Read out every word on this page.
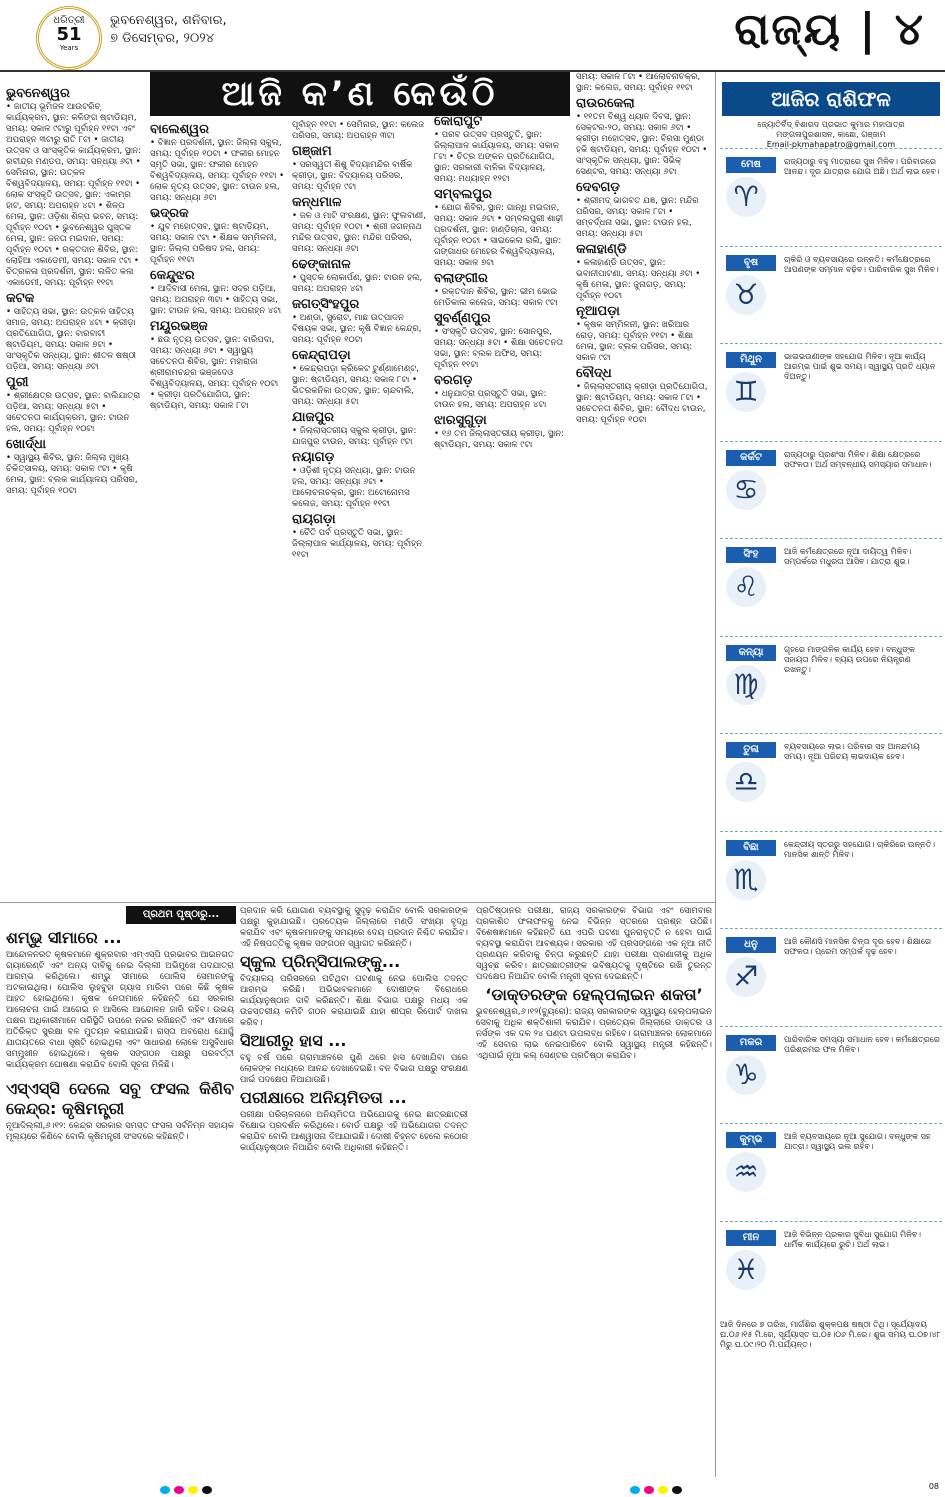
ଧରିତ୍ରୀ
51
Years
ଭୁବନେଶ୍ୱର, ଶନିବାର,
୭ ଡିସେମ୍ବର, ୨୦୨୪	ରାଜ୍ୟ | ୪
ଆଜି କ’ଣ କେଉଁଠି
ଭୁବନେଶ୍ୱର
• ଜାତୀୟ ଭୂମିଜଳ ଆଉଟରିଚ୍ କାର୍ଯ୍ୟକ୍ରମ, ସ୍ଥାନ: କଳିଙ୍ଗ ଷ୍ଟାଡିୟମ, ସମୟ: ସକାଳ ୯ଟାରୁ ପୂର୍ବାହ୍ନ ୧୧ଟା ଏବଂ ଅପରାହ୍ନ ୩ଟାରୁ ରାତି ୮ଟା • ଜାତୀୟ ଉତ୍ସବ ଓ ସାଂସ୍କୃତିକ କାର୍ଯ୍ୟକ୍ରମ, ସ୍ଥାନ: ରବୀନ୍ଦ୍ର ମଣ୍ଡପ, ସମୟ: ସନ୍ଧ୍ୟା ୬ଟା • ସେମିନାର, ସ୍ଥାନ: ଉତ୍କଳ ବିଶ୍ୱବିଦ୍ୟାଳୟ, ସମୟ: ପୂର୍ବାହ୍ନ ୧୧ଟା • ଲୋକ ସଂସ୍କୃତି ଉତ୍ସବ, ସ୍ଥାନ: ଏକାମ୍ର ହାଟ, ସମୟ: ଅପରାହ୍ନ ୪ଟା • ଶିଳ୍ପ ମେଳା, ସ୍ଥାନ: ଓଡ଼ିଶା ଶିଳ୍ପ ଭବନ, ସମୟ: ପୂର୍ବାହ୍ନ ୧୦ଟା • ଭୁବନେଶ୍ୱର ପୁସ୍ତକ ମେଳା, ସ୍ଥାନ: ଜନତା ମଇଦାନ, ସମୟ: ପୂର୍ବାହ୍ନ ୧୦ଟା • ରକ୍ତଦାନ ଶିବିର, ସ୍ଥାନ: ଲୋହିଆ ଏକାଡେମୀ, ସମୟ: ସକାଳ ୯ଟା • ଚିତ୍ରକଳା ପ୍ରଦର୍ଶନୀ, ସ୍ଥାନ: ଲଳିତ କଳା ଏକାଡେମୀ, ସମୟ: ପୂର୍ବାହ୍ନ ୧୧ଟା
କଟକ
• ସାହିତ୍ୟ ସଭା, ସ୍ଥାନ: ଉତ୍କଳ ସାହିତ୍ୟ ସମାଜ, ସମୟ: ଅପରାହ୍ନ ୪ଟା • କ୍ରୀଡ଼ା ପ୍ରତିଯୋଗିତା, ସ୍ଥାନ: ବାରବାଟୀ ଷ୍ଟାଡିୟମ, ସମୟ: ସକାଳ ୭ଟା • ସାଂସ୍କୃତିକ ସନ୍ଧ୍ୟା, ସ୍ଥାନ: ଶୀତଳ ଷଷ୍ଠୀ ପଡ଼ିଆ, ସମୟ: ସନ୍ଧ୍ୟା ୬ଟା
ପୁରୀ
• ଶ୍ରୀକ୍ଷେତ୍ର ଉତ୍ସବ, ସ୍ଥାନ: ବାଲିଯାତ୍ରା ପଡ଼ିଆ, ସମୟ: ସନ୍ଧ୍ୟା ୫ଟା • ସଚେତନତା କାର୍ଯ୍ୟକ୍ରମ, ସ୍ଥାନ: ଟାଉନ ହଲ, ସମୟ: ପୂର୍ବାହ୍ନ ୧୦ଟା
ଖୋର୍ଦ୍ଧା
• ସ୍ୱାସ୍ଥ୍ୟ ଶିବିର, ସ୍ଥାନ: ଜିଲ୍ଲା ମୁଖ୍ୟ ଚିକିତ୍ସାଳୟ, ସମୟ: ସକାଳ ୯ଟା • କୃଷି ମେଳା, ସ୍ଥାନ: ବ୍ଲକ କାର୍ଯ୍ୟାଳୟ ପରିସର, ସମୟ: ପୂର୍ବାହ୍ନ ୧୦ଟା
ବାଲେଶ୍ୱର
• ବିଜ୍ଞାନ ପ୍ରଦର୍ଶନୀ, ସ୍ଥାନ: ଜିଲ୍ଲା ସ୍କୁଲ, ସମୟ: ପୂର୍ବାହ୍ନ ୧୦ଟା • ଫକୀର ମୋହନ ସ୍ମୃତି ସଭା, ସ୍ଥାନ: ଫକୀର ମୋହନ ବିଶ୍ୱବିଦ୍ୟାଳୟ, ସମୟ: ପୂର୍ବାହ୍ନ ୧୧ଟା • ଲୋକ ନୃତ୍ୟ ଉତ୍ସବ, ସ୍ଥାନ: ଟାଉନ ହଲ, ସମୟ: ସନ୍ଧ୍ୟା ୬ଟା
ଭଦ୍ରକ
• ଯୁବ ମହୋତ୍ସବ, ସ୍ଥାନ: ଷ୍ଟାଡିୟମ, ସମୟ: ସକାଳ ୯ଟା • ଶିକ୍ଷକ ସମ୍ମିଳନୀ, ସ୍ଥାନ: ଜିଲ୍ଲା ପରିଷଦ ହଲ, ସମୟ: ପୂର୍ବାହ୍ନ ୧୧ଟା
କେନ୍ଦୁଝର
• ଆଦିବାସୀ ମେଳା, ସ୍ଥାନ: ସଦର ପଡ଼ିଆ, ସମୟ: ଅପରାହ୍ନ ୩ଟା • ସାହିତ୍ୟ ସଭା, ସ୍ଥାନ: ଟାଉନ ହଲ, ସମୟ: ଅପରାହ୍ନ ୪ଟା
ମୟୂରଭଞ୍ଜ
• ଛଉ ନୃତ୍ୟ ଉତ୍ସବ, ସ୍ଥାନ: ବାରିପଦା, ସମୟ: ସନ୍ଧ୍ୟା ୬ଟା • ସ୍ୱାସ୍ଥ୍ୟ ସଚେତନତା ଶିବିର, ସ୍ଥାନ: ମହାରାଜା ଶ୍ରୀରାମଚନ୍ଦ୍ର ଭଞ୍ଜଦେଓ ବିଶ୍ୱବିଦ୍ୟାଳୟ, ସମୟ: ପୂର୍ବାହ୍ନ ୧୦ଟା • କ୍ରୀଡ଼ା ପ୍ରତିଯୋଗିତା, ସ୍ଥାନ: ଷ୍ଟାଡିୟମ, ସମୟ: ସକାଳ ୮ଟା
ପୂର୍ବାହ୍ନ ୧୧ଟା • ସେମିନାର, ସ୍ଥାନ: କଲେଜ ପରିସର, ସମୟ: ଅପରାହ୍ନ ୩ଟା
ଗଞ୍ଜାମ
• ସରସ୍ୱତୀ ଶିଶୁ ବିଦ୍ୟାମନ୍ଦିର ବାର୍ଷିକ କ୍ରୀଡ଼ା, ସ୍ଥାନ: ବିଦ୍ୟାଳୟ ପରିସର, ସମୟ: ପୂର୍ବାହ୍ନ ୯ଟା
କନ୍ଧମାଳ
• ଜଳ ଓ ମାଟି ସଂରକ୍ଷଣ, ସ୍ଥାନ: ଫୁଲବାଣୀ, ସମୟ: ପୂର୍ବାହ୍ନ ୧୦ଟା • ଶ୍ରୀ ଜଗନ୍ନାଥ ମନ୍ଦିର ଉତ୍ସବ, ସ୍ଥାନ: ମନ୍ଦିର ପରିସର, ସମୟ: ସନ୍ଧ୍ୟା ୬ଟା
ଢେଙ୍କାନାଳ
• ପୁସ୍ତକ ଲୋକାର୍ପଣ, ସ୍ଥାନ: ଟାଉନ ହଲ, ସମୟ: ଅପରାହ୍ନ ୪ଟା
ଜଗତ୍‌ସିଂହପୁର
• ଅଣ୍ଡା, ସ୍ପ୍ରୋଟ, ମାଛ ଉତ୍ପାଦନ ବିଷୟକ ସଭା, ସ୍ଥାନ: କୃଷି ବିଜ୍ଞାନ କେନ୍ଦ୍ର, ସମୟ: ପୂର୍ବାହ୍ନ ୧୦ଟା
କେନ୍ଦ୍ରାପଡ଼ା
• କେନ୍ଦ୍ରାପଡ଼ା କ୍ରିକେଟ ଟୁର୍ଣ୍ଣାମେଣ୍ଟ, ସ୍ଥାନ: ଷ୍ଟାଡିୟମ, ସମୟ: ସକାଳ ୮ଟା • ଭିତରକନିକା ଉତ୍ସବ, ସ୍ଥାନ: ଚାନ୍ଦବାଲି, ସମୟ: ସନ୍ଧ୍ୟା ୫ଟା
ଯାଜପୁର
• ଜିଲ୍ଲାସ୍ତରୀୟ ସ୍କୁଲ କ୍ରୀଡ଼ା, ସ୍ଥାନ: ଯାଜପୁର ଟାଉନ, ସମୟ: ପୂର୍ବାହ୍ନ ୯ଟା
ନୟାଗଡ଼
• ଓଡ଼ିଶୀ ନୃତ୍ୟ ସନ୍ଧ୍ୟା, ସ୍ଥାନ: ଟାଉନ ହଲ, ସମୟ: ସନ୍ଧ୍ୟା ୬ଟା • ଆଲୋଚନାଚକ୍ର, ସ୍ଥାନ: ଅଟୋନୋମସ କଲେଜ, ସମୟ: ପୂର୍ବାହ୍ନ ୧୧ଟା
ରାୟଗଡ଼ା
• ଚୈତି ପର୍ବ ପ୍ରସ୍ତୁତି ସଭା, ସ୍ଥାନ: ଜିଲ୍ଲାପାଳ କାର୍ଯ୍ୟାଳୟ, ସମୟ: ପୂର୍ବାହ୍ନ ୧୧ଟା
କୋରାପୁଟ
• ପରବ ଉତ୍ସବ ପ୍ରସ୍ତୁତି, ସ୍ଥାନ: ଜିଲ୍ଲାପାଳ କାର୍ଯ୍ୟାଳୟ, ସମୟ: ସକାଳ ୮ଟା • ଚିତ୍ର ଅଙ୍କନ ପ୍ରତିଯୋଗିତା, ସ୍ଥାନ: ସରକାରୀ ବାଳିକା ବିଦ୍ୟାଳୟ, ସମୟ: ମଧ୍ୟାହ୍ନ ୧୨ଟା
ସମ୍ବଲପୁର
• ଯୋଗ ଶିବିର, ସ୍ଥାନ: ଗାନ୍ଧି ମଇଦାନ, ସମୟ: ସକାଳ ୬ଟା • ସମ୍ବଲପୁରୀ ଶାଢ଼ୀ ପ୍ରଦର୍ଶନୀ, ସ୍ଥାନ: ହାଣ୍ଡିଚାଲ, ସମୟ: ପୂର୍ବାହ୍ନ ୧୦ଟା • ସାଇକେଲ ରାଲି, ସ୍ଥାନ: ଗଙ୍ଗାଧର ମେହେର ବିଶ୍ୱବିଦ୍ୟାଳୟ, ସମୟ: ସକାଳ ୭ଟା
ବଲାଙ୍ଗୀର
• ରକ୍ତଦାନ ଶିବିର, ସ୍ଥାନ: ଭୀମ ଭୋଇ ମେଡିକାଲ କଲେଜ, ସମୟ: ସକାଳ ୯ଟା
ସୁବର୍ଣ୍ଣପୁର
• ସଂସ୍କୃତି ଉତ୍ସବ, ସ୍ଥାନ: ସୋନପୁର, ସମୟ: ସନ୍ଧ୍ୟା ୫ଟା • ଶିକ୍ଷା ସଚେତନତା ସଭା, ସ୍ଥାନ: ବ୍ଲକ ଅଫିସ, ସମୟ: ପୂର୍ବାହ୍ନ ୧୧ଟା
ବରଗଡ଼
• ଧନୁଯାତ୍ରା ପ୍ରସ୍ତୁତି ସଭା, ସ୍ଥାନ: ଟାଉନ ହଲ, ସମୟ: ଅପରାହ୍ନ ୪ଟା
ଝାରସୁଗୁଡ଼ା
• ୧୬ ତମ ଜିଲ୍ଲାସ୍ତରୀୟ କ୍ରୀଡ଼ା, ସ୍ଥାନ: ଷ୍ଟାଡିୟମ, ସମୟ: ସକାଳ ୯ଟା
ସମୟ: ସକାଳ ୮ଟା • ଆଲୋଚନାଚକ୍ର, ସ୍ଥାନ: କଲେଜ, ସମୟ: ପୂର୍ବାହ୍ନ ୧୧ଟା
ରାଉରକେଲା
• ୧୧ତମ ବିଶ୍ୱ ଧ୍ୟାନ ଦିବସ, ସ୍ଥାନ: ସେକ୍ଟର-୨୦, ସମୟ: ସକାଳ ୬ଟା • କ୍ରୀଡ଼ା ମହୋତ୍ସବ, ସ୍ଥାନ: ବିରସା ମୁଣ୍ଡା ହକି ଷ୍ଟାଡିୟମ, ସମୟ: ପୂର୍ବାହ୍ନ ୧୦ଟା • ସାଂସ୍କୃତିକ ସନ୍ଧ୍ୟା, ସ୍ଥାନ: ସିଭିକ୍ ସେଣ୍ଟର, ସମୟ: ସନ୍ଧ୍ୟା ୬ଟା
ଦେବଗଡ଼
• ଶ୍ରୀମଦ୍ ଭାଗବତ ଯଜ୍ଞ, ସ୍ଥାନ: ମନ୍ଦିର ପରିସର, ସମୟ: ସକାଳ ୮ଟା • ସମ୍ବର୍ଦ୍ଧନା ସଭା, ସ୍ଥାନ: ଟାଉନ ହଲ, ସମୟ: ସନ୍ଧ୍ୟା ୫ଟା
କଳାହାଣ୍ଡି
• କଳାହାଣ୍ଡି ଉତ୍ସବ, ସ୍ଥାନ: ଭବାନୀପାଟଣା, ସମୟ: ସନ୍ଧ୍ୟା ୬ଟା • କୃଷି ମେଳା, ସ୍ଥାନ: ଜୁନାଗଡ଼, ସମୟ: ପୂର୍ବାହ୍ନ ୧୦ଟା
ନୂଆପଡ଼ା
• କୃଷକ ସମ୍ମିଳନୀ, ସ୍ଥାନ: ଖରିଆର ରୋଡ଼, ସମୟ: ପୂର୍ବାହ୍ନ ୧୧ଟା • ଶିକ୍ଷା ମେଳା, ସ୍ଥାନ: ବ୍ଲକ ପରିସର, ସମୟ: ସକାଳ ୯ଟା
ବୌଦ୍ଧ
• ଜିଲ୍ଲାସ୍ତରୀୟ କ୍ରୀଡ଼ା ପ୍ରତିଯୋଗିତା, ସ୍ଥାନ: ଷ୍ଟାଡିୟମ, ସମୟ: ସକାଳ ୮ଟା • ସଚେତନତା ଶିବିର, ସ୍ଥାନ: ବୌଦ୍ଧ ଟାଉନ, ସମୟ: ପୂର୍ବାହ୍ନ ୧୦ଟା
ଆଜିର ରାଶିଫଳ
ଜ୍ୟୋତିର୍ବିଦ୍ ବିଶାରଦ ପ୍ରଭାତ କୁମାର ମହାପାତ୍ର
ମଙ୍ଗଳାପୁରଶାସନ, କାଛୋ, ଗଞ୍ଜାମ
Email-pkmahapatro@gmail.com
ମେଷ
♈
ରାଜ୍ୟଠାରୁ ବହୁ ମାତ୍ରାରେ ସୁଖ ମିଳିବ। ପରିବାରରେ ଆନନ୍ଦ। ଦୂର ଯାତ୍ରାର ଯୋଗ ଅଛି। ଅର୍ଥ ଲାଭ ହେବ।
ବୃଷ
♉
ଚାକିରି ଓ ବ୍ୟବସାୟରେ ଉନ୍ନତି। କର୍ମକ୍ଷେତ୍ରରେ ଆପଣଙ୍କ ସମ୍ମାନ ବଢ଼ିବ। ପାରିବାରିକ ସୁଖ ମିଳିବ।
ମିଥୁନ
♊
ଭାଇଭଉଣୀଙ୍କ ସହଯୋଗ ମିଳିବ। ନୂଆ କାର୍ଯ୍ୟ ଆରମ୍ଭ ପାଇଁ ଶୁଭ ସମୟ। ସ୍ୱାସ୍ଥ୍ୟ ପ୍ରତି ଧ୍ୟାନ ଦିଅନ୍ତୁ।
କର୍କଟ
♋
ରାଜ୍ୟଠାରୁ ପ୍ରଶଂସା ମିଳିବ। ଶିକ୍ଷା କ୍ଷେତ୍ରରେ ସଫଳତା। ଅର୍ଥ ସମ୍ବନ୍ଧୀୟ ସମସ୍ୟାର ସମାଧାନ।
ସିଂହ
♌
ଆଜି କର୍ମକ୍ଷେତ୍ରରେ ନୂଆ ଦାୟିତ୍ୱ ମିଳିବ। ସମ୍ପର୍କରେ ମଧୁରତା ଆସିବ। ଯାତ୍ରା ଶୁଭ।
କନ୍ୟା
♍
ଗୃହରେ ମାଙ୍ଗଳିକ କାର୍ଯ୍ୟ ହେବ। ବନ୍ଧୁଙ୍କ ସହାୟତା ମିଳିବ। ବ୍ୟୟ ଉପରେ ନିୟନ୍ତ୍ରଣ ରଖନ୍ତୁ।
ତୁଳା
♎
ବ୍ୟବସାୟରେ ଲାଭ। ପରିବାର ସହ ଆନନ୍ଦମୟ ସମୟ। ନୂଆ ପରିଚୟ ଲାଭଦାୟକ ହେବ।
ବିଛା
♏
କେନ୍ଦ୍ରୀୟ ସ୍ତରରୁ ସହଯୋଗ। ଚାକିରିରେ ଉନ୍ନତି। ମାନସିକ ଶାନ୍ତି ମିଳିବ।
ଧନୁ
♐
ଆଜି କୌଣସି ମାନସିକ ଚିନ୍ତା ଦୂର ହେବ। ଶିକ୍ଷାରେ ସଫଳତା। ପ୍ରେମ ସମ୍ପର୍କ ଦୃଢ଼ ହେବ।
ମକର
♑
ପାରିବାରିକ ସମସ୍ୟା ସମାଧାନ ହେବ। କର୍ମକ୍ଷେତ୍ରରେ ପରିଶ୍ରମର ଫଳ ମିଳିବ।
କୁମ୍ଭ
♒
ଆଜି ବ୍ୟବସାୟରେ ନୂଆ ସୁଯୋଗ। ବନ୍ଧୁଙ୍କ ସହ ଯାତ୍ରା। ସ୍ୱାସ୍ଥ୍ୟ ଭଲ ରହିବ।
ମୀନ
♓
ଆଜି ବିଭିନ୍ନ ପ୍ରକାର ସୁବିଧା ସୁଯୋଗ ମିଳିବ। ଧାର୍ମିକ କାର୍ଯ୍ୟରେ ରୁଚି। ଅର୍ଥ ଲାଭ।
ଆଜି ଦିନରେ ୭ ତାରିଖ, ମାର୍ଗଶିର ଶୁକ୍ଳପକ୍ଷ ଷଷ୍ଠୀ ତିଥି। ସୂର୍ଯ୍ୟୋଦୟ ଘ.୦୬।୧୫ ମି.ରେ, ସୂର୍ଯ୍ୟାସ୍ତ ଘ.୦୫।୦୬ ମି.ରେ। ଶୁଭ ସମୟ ଘ.୦୭।୪୮ ମିରୁ ଘ.୦୯।୨୦ ମି.ପର୍ଯ୍ୟନ୍ତ।
ପ୍ରଥମ ପୃଷ୍ଠାରୁ...
ଶମ୍ଭୁ ସୀମାରେ ...
ଆନ୍ଦୋଳନରତ କୃଷକମାନେ ଶୁକ୍ରବାର ଏମ୍‌ଏସ୍‌ପି ପ୍ରଭାବର ଆଇନଗତ ଗ୍ୟାରେଣ୍ଟି ଏବଂ ଅନ୍ୟ ଦାବିକୁ ନେଇ ଦିଲ୍ଲୀ ଅଭିମୁଖେ ପଦଯାତ୍ରା ଆରମ୍ଭ କରିଥିଲେ। ଶମ୍ଭୁ ସୀମାରେ ପୋଲିସ ସେମାନଙ୍କୁ ଅଟକାଇଥିଲା। ପୋଲିସ ଲୁହବୁହା ଗ୍ୟାସ ମାରିବା ପରେ କିଛି କୃଷକ ଆହତ ହୋଇଥିଲେ। କୃଷକ ନେତାମାନେ କହିଛନ୍ତି ଯେ ସରକାର ଆଲୋଚନା ପାଇଁ ଆଗେଇ ନ ଆସିଲେ ଆନ୍ଦୋଳନ ଜାରି ରହିବ। ଉଭୟ ପକ୍ଷର ଅଧିକାରୀମାନେ ପରିସ୍ଥିତି ଉପରେ ନଜର ରଖିଛନ୍ତି ଏବଂ ସୀମାରେ ଅତିରିକ୍ତ ସୁରକ୍ଷା ବଳ ମୁତୟନ କରାଯାଇଛି। ରାସ୍ତା ଅବରୋଧ ଯୋଗୁଁ ଯାତାୟତରେ ବାଧା ସୃଷ୍ଟି ହୋଇଥିଲା ଏବଂ ସାଧାରଣ ଲୋକେ ଅସୁବିଧାର ସମ୍ମୁଖୀନ ହୋଇଥିଲେ। କୃଷକ ସଙ୍ଗଠନ ପକ୍ଷରୁ ପରବର୍ତ୍ତୀ କାର୍ଯ୍ୟକ୍ରମ ଘୋଷଣା କରାଯିବ ବୋଲି ସୂଚନା ମିଳିଛି।
ଏସ୍‌ଏସ୍‌ସି ଦେଲେ ସବୁ ଫସଲ କିଣିବ କେନ୍ଦ୍ର: କୃଷିମନ୍ତ୍ରୀ
ନୂଆଦିଲ୍ଲୀ,୬।୧୨: କେନ୍ଦ୍ର ସରକାର ସମସ୍ତ ଫସଲ ସର୍ବନିମ୍ନ ସହାୟକ ମୂଲ୍ୟରେ କିଣିବେ ବୋଲି କୃଷିମନ୍ତ୍ରୀ ସଂସଦରେ କହିଛନ୍ତି।
ପ୍ରଦାନ କରି ଯୋଗାଣ ବ୍ୟବସ୍ଥାକୁ ସୁଦୃଢ଼ କରାଯିବ ବୋଲି ସରକାରଙ୍କ ପକ୍ଷରୁ କୁହାଯାଇଛି। ପ୍ରତ୍ୟେକ ଜିଲ୍ଲାରେ ମଣ୍ଡି ସଂଖ୍ୟା ବୃଦ୍ଧି କରାଯିବ ଏବଂ କୃଷକମାନଙ୍କୁ ସମୟରେ ଦେୟ ପ୍ରଦାନ ନିଶ୍ଚିତ କରାଯିବ। ଏହି ନିଷ୍ପତ୍ତିକୁ କୃଷକ ସଙ୍ଗଠନ ସ୍ୱାଗତ କରିଛନ୍ତି।
ସ୍କୁଲ ପ୍ରିନ୍ସିପାଲଙ୍କୁ...
ବିଦ୍ୟାଳୟ ପରିସରରେ ଘଟିଥିବା ଘଟଣାକୁ ନେଇ ପୋଲିସ ତଦନ୍ତ ଆରମ୍ଭ କରିଛି। ଅଭିଭାବକମାନେ ଦୋଷୀଙ୍କ ବିରୋଧରେ କାର୍ଯ୍ୟାନୁଷ୍ଠାନ ଦାବି କରିଛନ୍ତି। ଶିକ୍ଷା ବିଭାଗ ପକ୍ଷରୁ ମଧ୍ୟ ଏକ ଉଚ୍ଚସ୍ତରୀୟ କମିଟି ଗଠନ କରାଯାଇଛି ଯାହା ଶୀଘ୍ର ରିପୋର୍ଟ ଦାଖଲ କରିବ।
ସିଆରୀରୁ ହାସ ...
ବହୁ ବର୍ଷ ପରେ ଗ୍ରାମାଞ୍ଚଳରେ ପୁଣି ଥରେ ହାସ ଦେଖାଯିବା ପରେ ଲୋକଙ୍କ ମଧ୍ୟରେ ଆନନ୍ଦ ଦେଖାଦେଇଛି। ବନ ବିଭାଗ ପକ୍ଷରୁ ସଂରକ୍ଷଣ ପାଇଁ ପଦକ୍ଷେପ ନିଆଯାଉଛି।
ପରୀକ୍ଷାରେ ଅନିୟମିତତା ...
ପରୀକ୍ଷା ପରିଚାଳନାରେ ଅନିୟମିତତା ଅଭିଯୋଗକୁ ନେଇ ଛାତ୍ରଛାତ୍ରୀ ବିକ୍ଷୋଭ ପ୍ରଦର୍ଶନ କରିଥିଲେ। ବୋର୍ଡ ପକ୍ଷରୁ ଏହି ଅଭିଯୋଗର ତଦନ୍ତ କରାଯିବ ବୋଲି ଆଶ୍ୱାସନା ଦିଆଯାଇଛି। ଦୋଷୀ ଚିହ୍ନଟ ହେଲେ କଠୋର କାର୍ଯ୍ୟାନୁଷ୍ଠାନ ନିଆଯିବ ବୋଲି ଅଧିକାରୀ କହିଛନ୍ତି।
ପ୍ରତିଷ୍ଠାନର ପରୀକ୍ଷା, ରାଜ୍ୟ ସରକାରଙ୍କ ବିଭାଗ ଏବଂ ସୋମବାର ପ୍ରକାଶିତ ଫଳାଫଳକୁ ନେଇ ବିଭିନ୍ନ ସ୍ତରରେ ପ୍ରଶ୍ନ ଉଠିଛି। ବିଶେଷଜ୍ଞମାନେ କହିଛନ୍ତି ଯେ ଏପରି ଘଟଣା ପୁନରାବୃତ୍ତି ନ ହେବା ପାଇଁ ବ୍ୟବସ୍ଥା କରାଯିବା ଆବଶ୍ୟକ। ସରକାର ଏହି ପ୍ରସଙ୍ଗରେ ଏକ ନୂଆ ନୀତି ପ୍ରଣୟନ କରିବାକୁ ଚିନ୍ତା କରୁଛନ୍ତି ଯାହା ପରୀକ୍ଷା ପ୍ରଣାଳୀକୁ ଅଧିକ ସ୍ୱଚ୍ଛ କରିବ। ଛାତ୍ରଛାତ୍ରୀଙ୍କ ଭବିଷ୍ୟତକୁ ଦୃଷ୍ଟିରେ ରଖି ତୁରନ୍ତ ପଦକ୍ଷେପ ନିଆଯିବ ବୋଲି ମନ୍ତ୍ରୀ ସୂଚନା ଦେଇଛନ୍ତି।
‘ଡାକ୍ତରଙ୍କ ହେଲ୍‌ପଲାଇନ ଶକତା’
ଭୁବନେଶ୍ୱର,୬।୧୨(ବ୍ୟୁରୋ): ରାଜ୍ୟ ସରକାରଙ୍କ ସ୍ୱାସ୍ଥ୍ୟ ହେଲ୍‌ପଲାଇନ ସେବାକୁ ଅଧିକ ଶକ୍ତିଶାଳୀ କରାଯିବ। ପ୍ରତ୍ୟେକ ଜିଲ୍ଲାରେ ଡାକ୍ତର ଓ ନର୍ସଙ୍କ ଏକ ଦଳ ୨୪ ଘଣ୍ଟା ଉପଲବ୍ଧ ରହିବେ। ଗ୍ରାମାଞ୍ଚଳର ଲୋକମାନେ ଏହି ସେବାର ଲାଭ ନେଇପାରିବେ ବୋଲି ସ୍ୱାସ୍ଥ୍ୟ ମନ୍ତ୍ରୀ କହିଛନ୍ତି। ଏଥିପାଇଁ ନୂଆ କଲ୍ ସେଣ୍ଟର ପ୍ରତିଷ୍ଠା କରାଯିବ।
08
